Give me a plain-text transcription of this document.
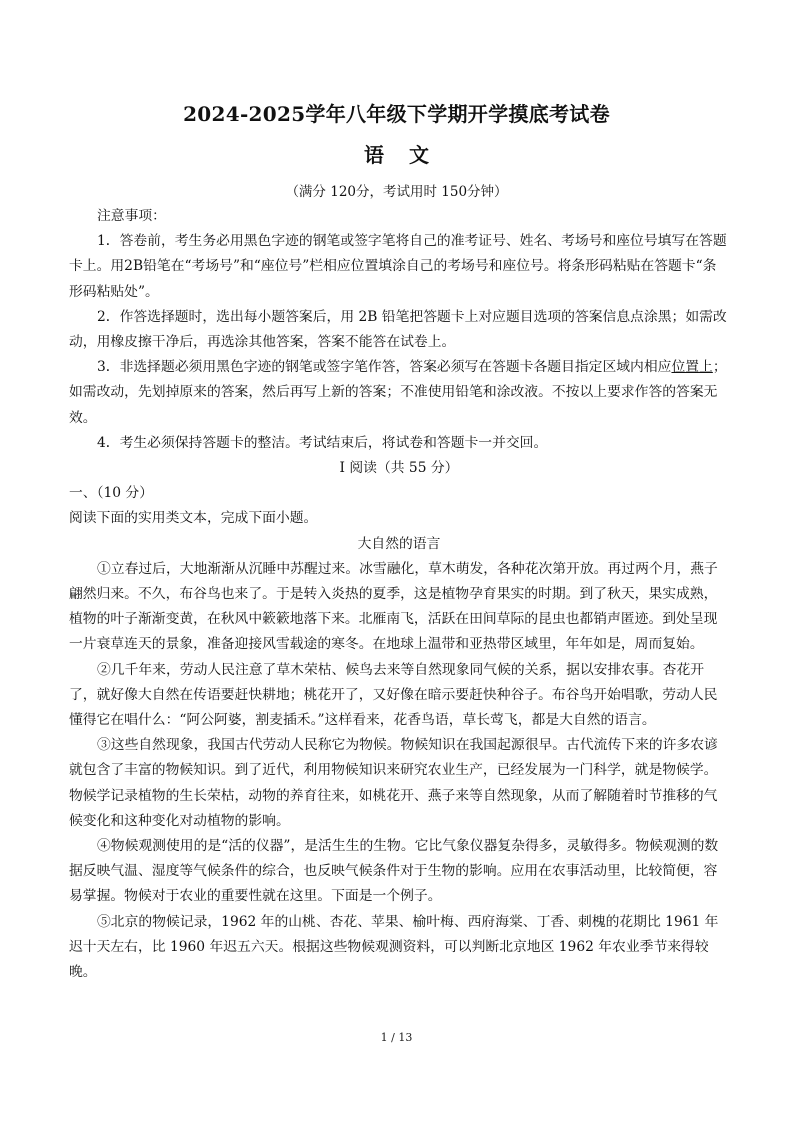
2024-2025学年八年级下学期开学摸底考试卷
语 文
（满分 120分，考试用时 150分钟）

注意事项：

1．答卷前，考生务必用黑色字迹的钢笔或签字笔将自己的准考证号、姓名、考场号和座位号填写在答题卡上。用2B铅笔在“考场号”和“座位号”栏相应位置填涂自己的考场号和座位号。将条形码粘贴在答题卡“条形码粘贴处”。

2．作答选择题时，选出每小题答案后，用 2B 铅笔把答题卡上对应题目选项的答案信息点涂黑；如需改动，用橡皮擦干净后，再选涂其他答案，答案不能答在试卷上。

3．非选择题必须用黑色字迹的钢笔或签字笔作答，答案必须写在答题卡各题目指定区域内相应位置上；如需改动，先划掉原来的答案，然后再写上新的答案；不准使用铅笔和涂改液。不按以上要求作答的答案无效。

4．考生必须保持答题卡的整洁。考试结束后，将试卷和答题卡一并交回。

I 阅读（共 55 分）

一、（10 分）

阅读下面的实用类文本，完成下面小题。

大自然的语言

①立春过后，大地渐渐从沉睡中苏醒过来。冰雪融化，草木萌发，各种花次第开放。再过两个月，燕子翩然归来。不久，布谷鸟也来了。于是转入炎热的夏季，这是植物孕育果实的时期。到了秋天，果实成熟，植物的叶子渐渐变黄，在秋风中簌簌地落下来。北雁南飞，活跃在田间草际的昆虫也都销声匿迹。到处呈现一片衰草连天的景象，准备迎接风雪载途的寒冬。在地球上温带和亚热带区域里，年年如是，周而复始。

②几千年来，劳动人民注意了草木荣枯、候鸟去来等自然现象同气候的关系，据以安排农事。杏花开了，就好像大自然在传语要赶快耕地；桃花开了，又好像在暗示要赶快种谷子。布谷鸟开始唱歌，劳动人民懂得它在唱什么：“阿公阿婆，割麦插禾。”这样看来，花香鸟语，草长莺飞，都是大自然的语言。

③这些自然现象，我国古代劳动人民称它为物候。物候知识在我国起源很早。古代流传下来的许多农谚就包含了丰富的物候知识。到了近代，利用物候知识来研究农业生产，已经发展为一门科学，就是物候学。物候学记录植物的生长荣枯，动物的养育往来，如桃花开、燕子来等自然现象，从而了解随着时节推移的气候变化和这种变化对动植物的影响。

④物候观测使用的是“活的仪器”，是活生生的生物。它比气象仪器复杂得多，灵敏得多。物候观测的数据反映气温、湿度等气候条件的综合，也反映气候条件对于生物的影响。应用在农事活动里，比较简便，容易掌握。物候对于农业的重要性就在这里。下面是一个例子。

⑤北京的物候记录，1962 年的山桃、杏花、苹果、榆叶梅、西府海棠、丁香、刺槐的花期比 1961 年迟十天左右，比 1960 年迟五六天。根据这些物候观测资料，可以判断北京地区 1962 年农业季节来得较晚。

1 / 13
